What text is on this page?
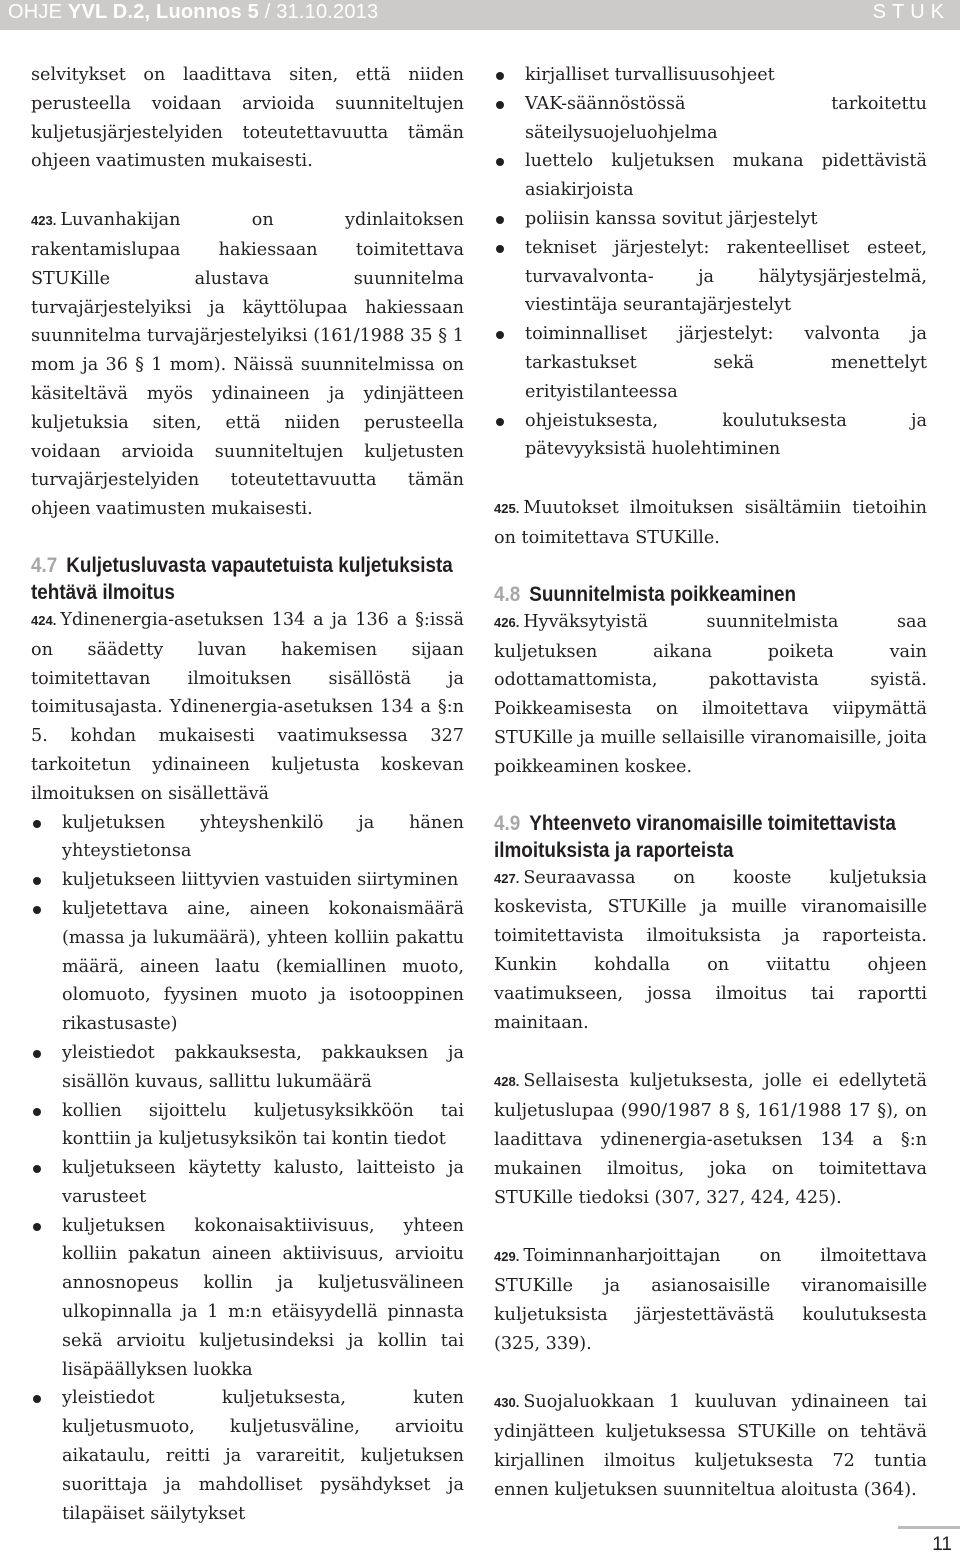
OHJE YVL D.2, Luonnos 5 / 31.10.2013	STUK

selvitykset on laadittava siten, että niiden perusteella voidaan arvioida suunniteltujen kuljetusjärjestelyiden toteutettavuutta tämän ohjeen vaatimusten mukaisesti.

423. Luvanhakijan on ydinlaitoksen rakentamislupaa hakiessaan toimitettava STUKille alustava suunnitelma turvajärjestelyiksi ja käyttölupaa hakiessaan suunnitelma turvajärjestelyiksi (161/1988 35 § 1 mom ja 36 § 1 mom). Näissä suunnitelmissa on käsiteltävä myös ydinaineen ja ydinjätteen kuljetuksia siten, että niiden perusteella voidaan arvioida suunniteltujen kuljetusten turvajärjestelyiden toteutettavuutta tämän ohjeen vaatimusten mukaisesti.

4.7 Kuljetusluvasta vapautetuista kuljetuksista tehtävä ilmoitus

424. Ydinenergia-asetuksen 134 a ja 136 a §:issä on säädetty luvan hakemisen sijaan toimitettavan ilmoituksen sisällöstä ja toimitusajasta. Ydinenergia-asetuksen 134 a §:n 5. kohdan mukaisesti vaatimuksessa 327 tarkoitetun ydinaineen kuljetusta koskevan ilmoituksen on sisällettävä

kuljetuksen yhteyshenkilö ja hänen yhteystietonsa
kuljetukseen liittyvien vastuiden siirtyminen
kuljetettava aine, aineen kokonaismäärä (massa ja lukumäärä), yhteen kolliin pakattu määrä, aineen laatu (kemiallinen muoto, olomuoto, fyysinen muoto ja isotooppinen rikastusaste)
yleistiedot pakkauksesta, pakkauksen ja sisällön kuvaus, sallittu lukumäärä
kollien sijoittelu kuljetusyksikköön tai konttiin ja kuljetusyksikön tai kontin tiedot
kuljetukseen käytetty kalusto, laitteisto ja varusteet
kuljetuksen kokonaisaktiivisuus, yhteen kolliin pakatun aineen aktiivisuus, arvioitu annosnopeus kollin ja kuljetusvälineen ulkopinnalla ja 1 m:n etäisyydellä pinnasta sekä arvioitu kuljetusindeksi ja kollin tai lisäpäällyksen luokka
yleistiedot kuljetuksesta, kuten kuljetusmuoto, kuljetusväline, arvioitu aikataulu, reitti ja varareitit, kuljetuksen suorittaja ja mahdolliset pysähdykset ja tilapäiset säilytykset
kirjalliset turvallisuusohjeet
VAK-säännöstössä tarkoitettu säteilysuojeluohjelma
luettelo kuljetuksen mukana pidettävistä asiakirjoista
poliisin kanssa sovitut järjestelyt
tekniset järjestelyt: rakenteelliset esteet, turvavalvonta- ja hälytysjärjestelmä, viestintäja seurantajärjestelyt
toiminnalliset järjestelyt: valvonta ja tarkastukset sekä menettelyt erityistilanteessa
ohjeistuksesta, koulutuksesta ja pätevyyksistä huolehtiminen

425. Muutokset ilmoituksen sisältämiin tietoihin on toimitettava STUKille.

4.8 Suunnitelmista poikkeaminen

426. Hyväksytyistä suunnitelmista saa kuljetuksen aikana poiketa vain odottamattomista, pakottavista syistä. Poikkeamisesta on ilmoitettava viipymättä STUKille ja muille sellaisille viranomaisille, joita poikkeaminen koskee.

4.9 Yhteenveto viranomaisille toimitettavista ilmoituksista ja raporteista

427. Seuraavassa on kooste kuljetuksia koskevista, STUKille ja muille viranomaisille toimitettavista ilmoituksista ja raporteista. Kunkin kohdalla on viitattu ohjeen vaatimukseen, jossa ilmoitus tai raportti mainitaan.

428. Sellaisesta kuljetuksesta, jolle ei edellytetä kuljetuslupaa (990/1987 8 §, 161/1988 17 §), on laadittava ydinenergia-asetuksen 134 a §:n mukainen ilmoitus, joka on toimitettava STUKille tiedoksi (307, 327, 424, 425).

429. Toiminnanharjoittajan on ilmoitettava STUKille ja asianosaisille viranomaisille kuljetuksista järjestettävästä koulutuksesta (325, 339).

430. Suojaluokkaan 1 kuuluvan ydinaineen tai ydinjätteen kuljetuksessa STUKille on tehtävä kirjallinen ilmoitus kuljetuksesta 72 tuntia ennen kuljetuksen suunniteltua aloitusta (364).

11
